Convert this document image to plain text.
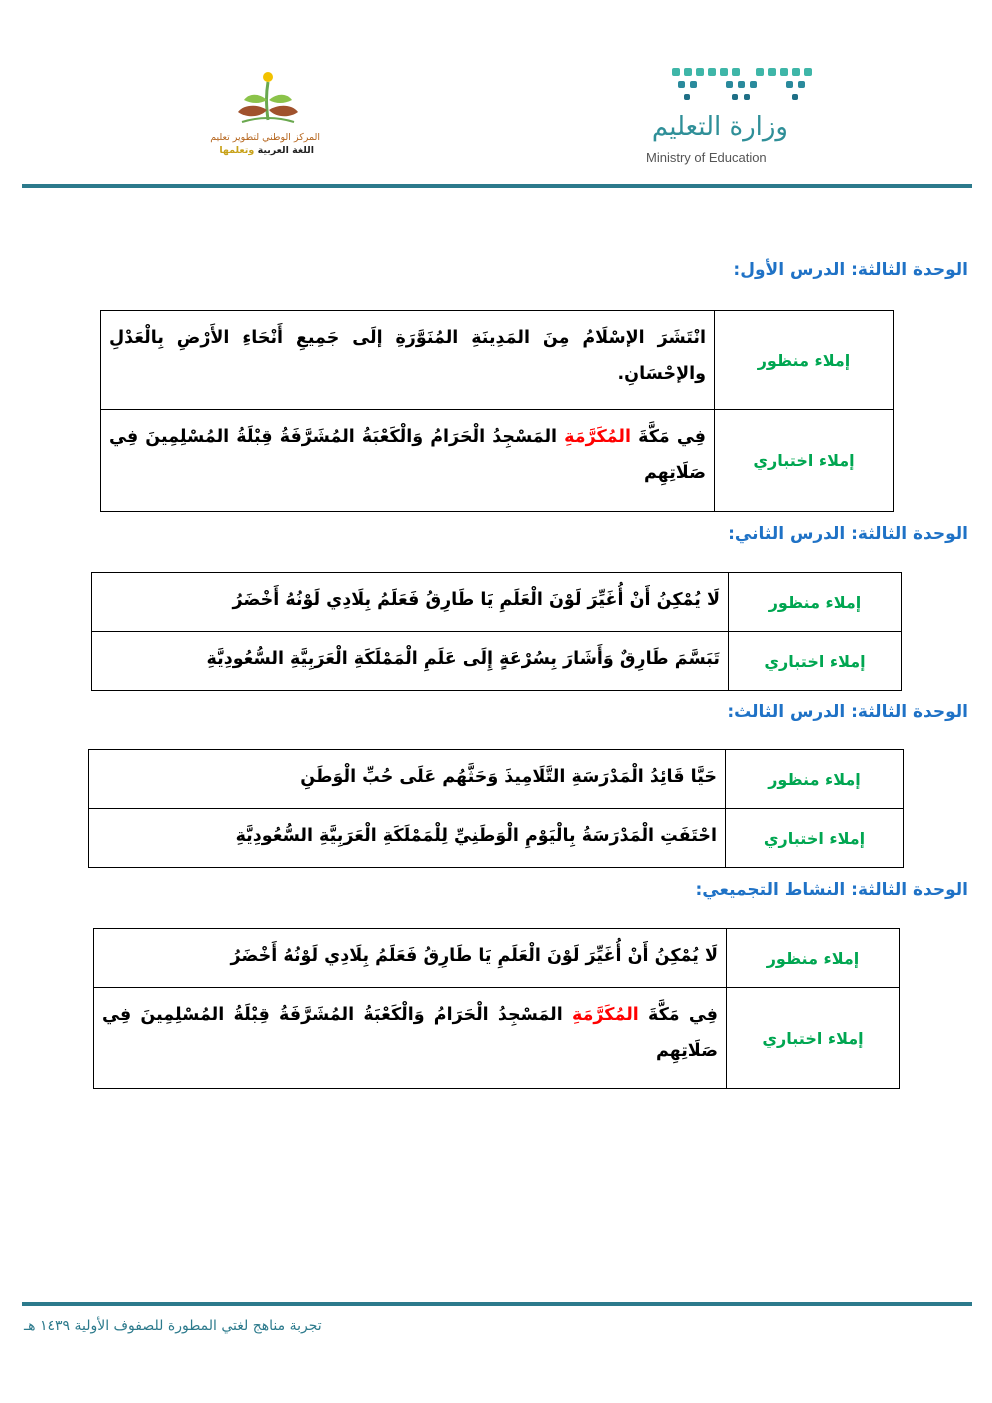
وزارة التعليم
Ministry of Education
المركز الوطني لتطوير تعليم
اللغة العربية وتعلمها
الوحدة الثالثة: الدرس الأول:
إملاء منظور	انْتَشَرَ الإسْلَامُ مِنَ المَدِينَةِ المُنَوَّرَةِ إلَى جَمِيعِ أَنْحَاءِ الأَرْضِ بِالْعَدْلِ والإحْسَانِ.
إملاء اختباري	فِي مَكَّةَ المُكَرَّمَةِ المَسْجِدُ الْحَرَامُ وَالْكَعْبَةُ المُشَرَّفَةُ قِبْلَةُ المُسْلِمِينَ فِي صَلَاتِهِم
الوحدة الثالثة: الدرس الثاني:
إملاء منظور	لَا يُمْكِنُ أَنْ أُغَيِّرَ لَوْنَ الْعَلَمِ يَا طَارِقُ فَعَلَمُ بِلَادِي لَوْنُهُ أَخْضَرُ
إملاء اختباري	تَبَسَّمَ طَارِقٌ وَأَشَارَ بِسُرْعَةٍ إِلَى عَلَمِ الْمَمْلَكَةِ الْعَرَبِيَّةِ السُّعُودِيَّةِ
الوحدة الثالثة: الدرس الثالث:
إملاء منظور	حَيَّا قَائِدُ الْمَدْرَسَةِ التَّلَامِيذَ وَحَثَّهُم عَلَى حُبِّ الْوَطَنِ
إملاء اختباري	احْتَفَتِ الْمَدْرَسَةُ بِالْيَوْمِ الْوَطَنِيِّ لِلْمَمْلَكَةِ الْعَرَبِيَّةِ السُّعُودِيَّةِ
الوحدة الثالثة: النشاط التجميعي:
إملاء منظور	لَا يُمْكِنُ أَنْ أُغَيِّرَ لَوْنَ الْعَلَمِ يَا طَارِقُ فَعَلَمُ بِلَادِي لَوْنُهُ أَخْضَرُ
إملاء اختباري	فِي مَكَّةَ المُكَرَّمَةِ المَسْجِدُ الْحَرَامُ وَالْكَعْبَةُ المُشَرَّفَةُ قِبْلَةُ المُسْلِمِينَ فِي صَلَاتِهِم
تجربة مناهج لغتي المطورة للصفوف الأولية ١٤٣٩ هـ
